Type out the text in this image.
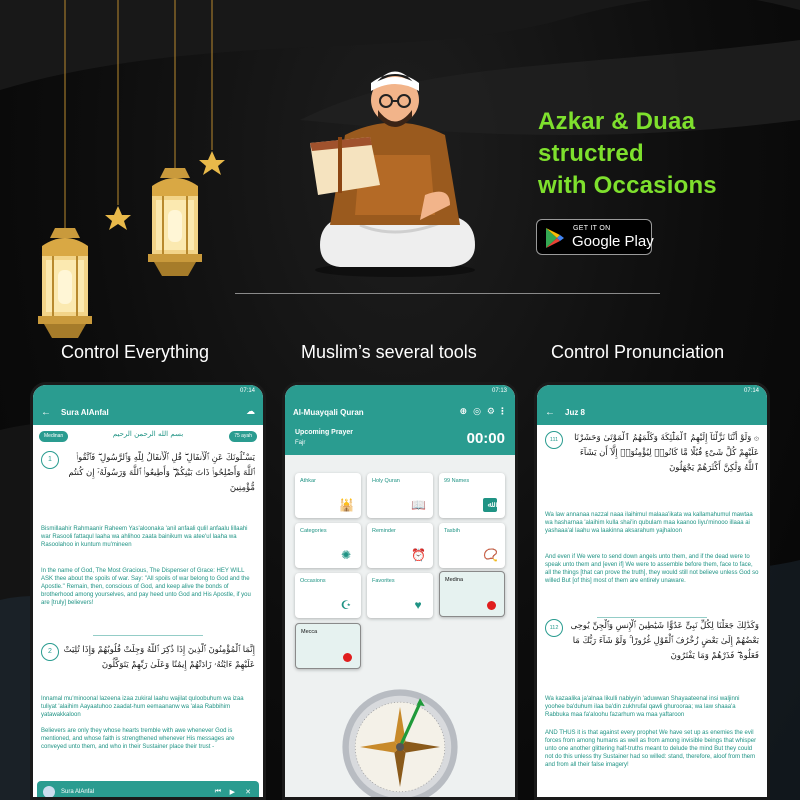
Azkar & Duaa
structred
with Occasions
GET IT ON
Google Play
Control Everything	Muslim’s several tools	Control Pronunciation
07:14
← Sura AlAnfal	☁
Medinan	بسم الله الرحمن الرحيم	75 ayah
1	يَسْـَٔلُونَكَ عَنِ ٱلْأَنفَالِ ۖ قُلِ ٱلْأَنفَالُ لِلَّهِ وَٱلرَّسُولِ ۖ فَٱتَّقُوا۟ ٱللَّهَ وَأَصْلِحُوا۟ ذَاتَ بَيْنِكُمْ ۖ وَأَطِيعُوا۟ ٱللَّهَ وَرَسُولَهُۥٓ إِن كُنتُم مُّؤْمِنِينَ
Bismillaahir Rahmaanir Raheem Yas'aloonaka 'anil anfaali qulil anfaalu lillaahi war Rasooli fattaqul laaha wa ahlihoo zaata bainikum wa atee'ul laaha wa Rasoolahoo in kuntum mu'mineen
In the name of God, The Most Gracious, The Dispenser of Grace: HEY WILL ASK thee about the spoils of war. Say: "All spoils of war belong to God and the Apostle." Remain, then, conscious of God, and keep alive the bonds of brotherhood among yourselves, and pay heed unto God and His Apostle, if you are [truly] believers!
2	إِنَّمَا ٱلْمُؤْمِنُونَ ٱلَّذِينَ إِذَا ذُكِرَ ٱللَّهُ وَجِلَتْ قُلُوبُهُمْ وَإِذَا تُلِيَتْ عَلَيْهِمْ ءَايَٰتُهُۥ زَادَتْهُمْ إِيمَٰنًا وَعَلَىٰ رَبِّهِمْ يَتَوَكَّلُونَ
Innamal mu'minoonal lazeena izaa zukiral laahu wajilat quloobuhum wa izaa tuliyat 'alaihim Aayaatuhoo zaadat-hum eemaananw wa 'alaa Rabbihim yatawakkaloon
Believers are only they whose hearts tremble with awe whenever God is mentioned, and whose faith is strengthened whenever His messages are conveyed unto them, and who in their Sustainer place their trust -
Sura AlAnfal	⏮ ▶ ✕
07:13
Al-Muayqali Quran	⊕ ◎ ⚙ ⋮
Upcoming Prayer
Fajr	00:00
Athkar
🕌
Holy Quran
📖
99 Names
ﷲ
Categories
✺
Reminder
⏰
Tasbih
📿
Occasions
☪
Favorites
♥
Medina
Mecca
07:14
← Juz 8
111	۞ وَلَوْ أَنَّنَا نَزَّلْنَآ إِلَيْهِمُ ٱلْمَلَٰٓئِكَةَ وَكَلَّمَهُمُ ٱلْمَوْتَىٰ وَحَشَرْنَا عَلَيْهِمْ كُلَّ شَىْءٍ قُبُلًا مَّا كَانُوا۟ لِيُؤْمِنُوٓا۟ إِلَّآ أَن يَشَآءَ ٱللَّهُ وَلَٰكِنَّ أَكْثَرَهُمْ يَجْهَلُونَ
Wa law annanaa nazzal naaa ilaihimul malaaa'ikata wa kallamahumul mawtaa wa hasharnaa 'alaihim kulla shai'in qubulam maa kaanoo liyu'minooo illaaa ai yashaaa'al laahu wa laakinna aksarahum yajhaloon
And even if We were to send down angels unto them, and if the dead were to speak unto them and [even if] We were to assemble before them, face to face, all the things [that can prove the truth], they would still not believe unless God so willed But [of this] most of them are entirely unaware.
112	وَكَذَٰلِكَ جَعَلْنَا لِكُلِّ نَبِىٍّ عَدُوًّا شَيَٰطِينَ ٱلْإِنسِ وَٱلْجِنِّ يُوحِى بَعْضُهُمْ إِلَىٰ بَعْضٍ زُخْرُفَ ٱلْقَوْلِ غُرُورًا ۚ وَلَوْ شَآءَ رَبُّكَ مَا فَعَلُوهُ ۖ فَذَرْهُمْ وَمَا يَفْتَرُونَ
Wa kazaalika ja'alnaa likulli nabiyyin 'aduwwan Shayaateenal insi waljinni yoohee ba'duhum ilaa ba'din zukhrufal qawli ghurooraa; wa law shaaa'a Rabbuka maa fa'aloohu fazarhum wa maa yaftaroon
AND THUS it is that against every prophet We have set up as enemies the evil forces from among humans as well as from among invisible beings that whisper unto one another glittering half-truths meant to delude the mind But they could not do this unless thy Sustainer had so willed: stand, therefore, aloof from them and from all their false imagery!
